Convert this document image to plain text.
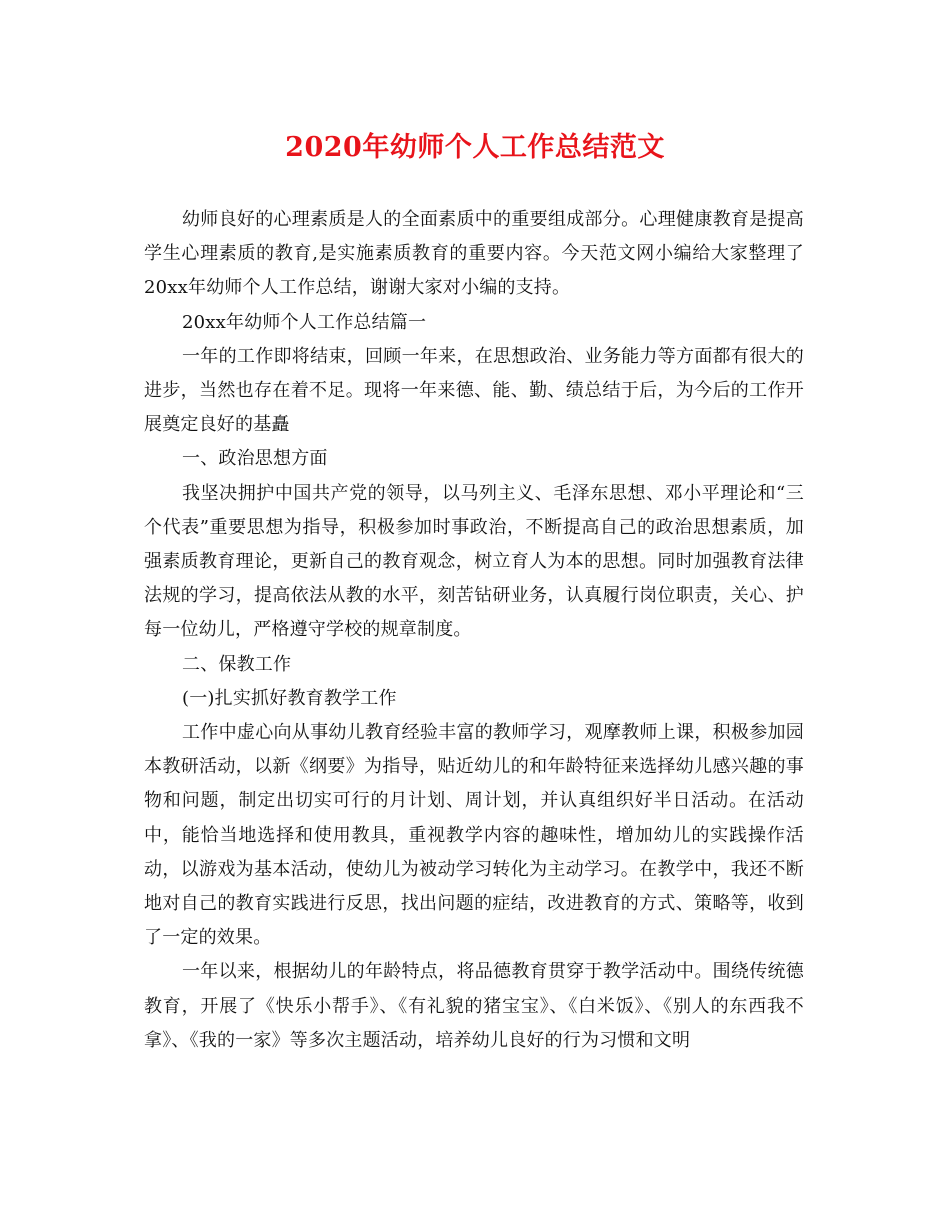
2020年幼师个人工作总结范文

幼师良好的心理素质是人的全面素质中的重要组成部分。心理健康教育是提高学生心理素质的教育,是实施素质教育的重要内容。今天范文网小编给大家整理了20xx年幼师个人工作总结，谢谢大家对小编的支持。

20xx年幼师个人工作总结篇一

一年的工作即将结束，回顾一年来，在思想政治、业务能力等方面都有很大的进步，当然也存在着不足。现将一年来德、能、勤、绩总结于后，为今后的工作开展奠定良好的基矗

一、政治思想方面

我坚决拥护中国共产党的领导，以马列主义、毛泽东思想、邓小平理论和“三个代表”重要思想为指导，积极参加时事政治，不断提高自己的政治思想素质，加强素质教育理论，更新自己的教育观念，树立育人为本的思想。同时加强教育法律法规的学习，提高依法从教的水平，刻苦钻研业务，认真履行岗位职责，关心、护每一位幼儿，严格遵守学校的规章制度。

二、保教工作

(一)扎实抓好教育教学工作

工作中虚心向从事幼儿教育经验丰富的教师学习，观摩教师上课，积极参加园本教研活动，以新《纲要》为指导，贴近幼儿的和年龄特征来选择幼儿感兴趣的事物和问题，制定出切实可行的月计划、周计划，并认真组织好半日活动。在活动中，能恰当地选择和使用教具，重视教学内容的趣味性，增加幼儿的实践操作活动，以游戏为基本活动，使幼儿为被动学习转化为主动学习。在教学中，我还不断地对自己的教育实践进行反思，找出问题的症结，改进教育的方式、策略等，收到了一定的效果。

一年以来，根据幼儿的年龄特点，将品德教育贯穿于教学活动中。围绕传统德教育，开展了《快乐小帮手》、《有礼貌的猪宝宝》、《白米饭》、《别人的东西我不拿》、《我的一家》等多次主题活动，培养幼儿良好的行为习惯和文明
